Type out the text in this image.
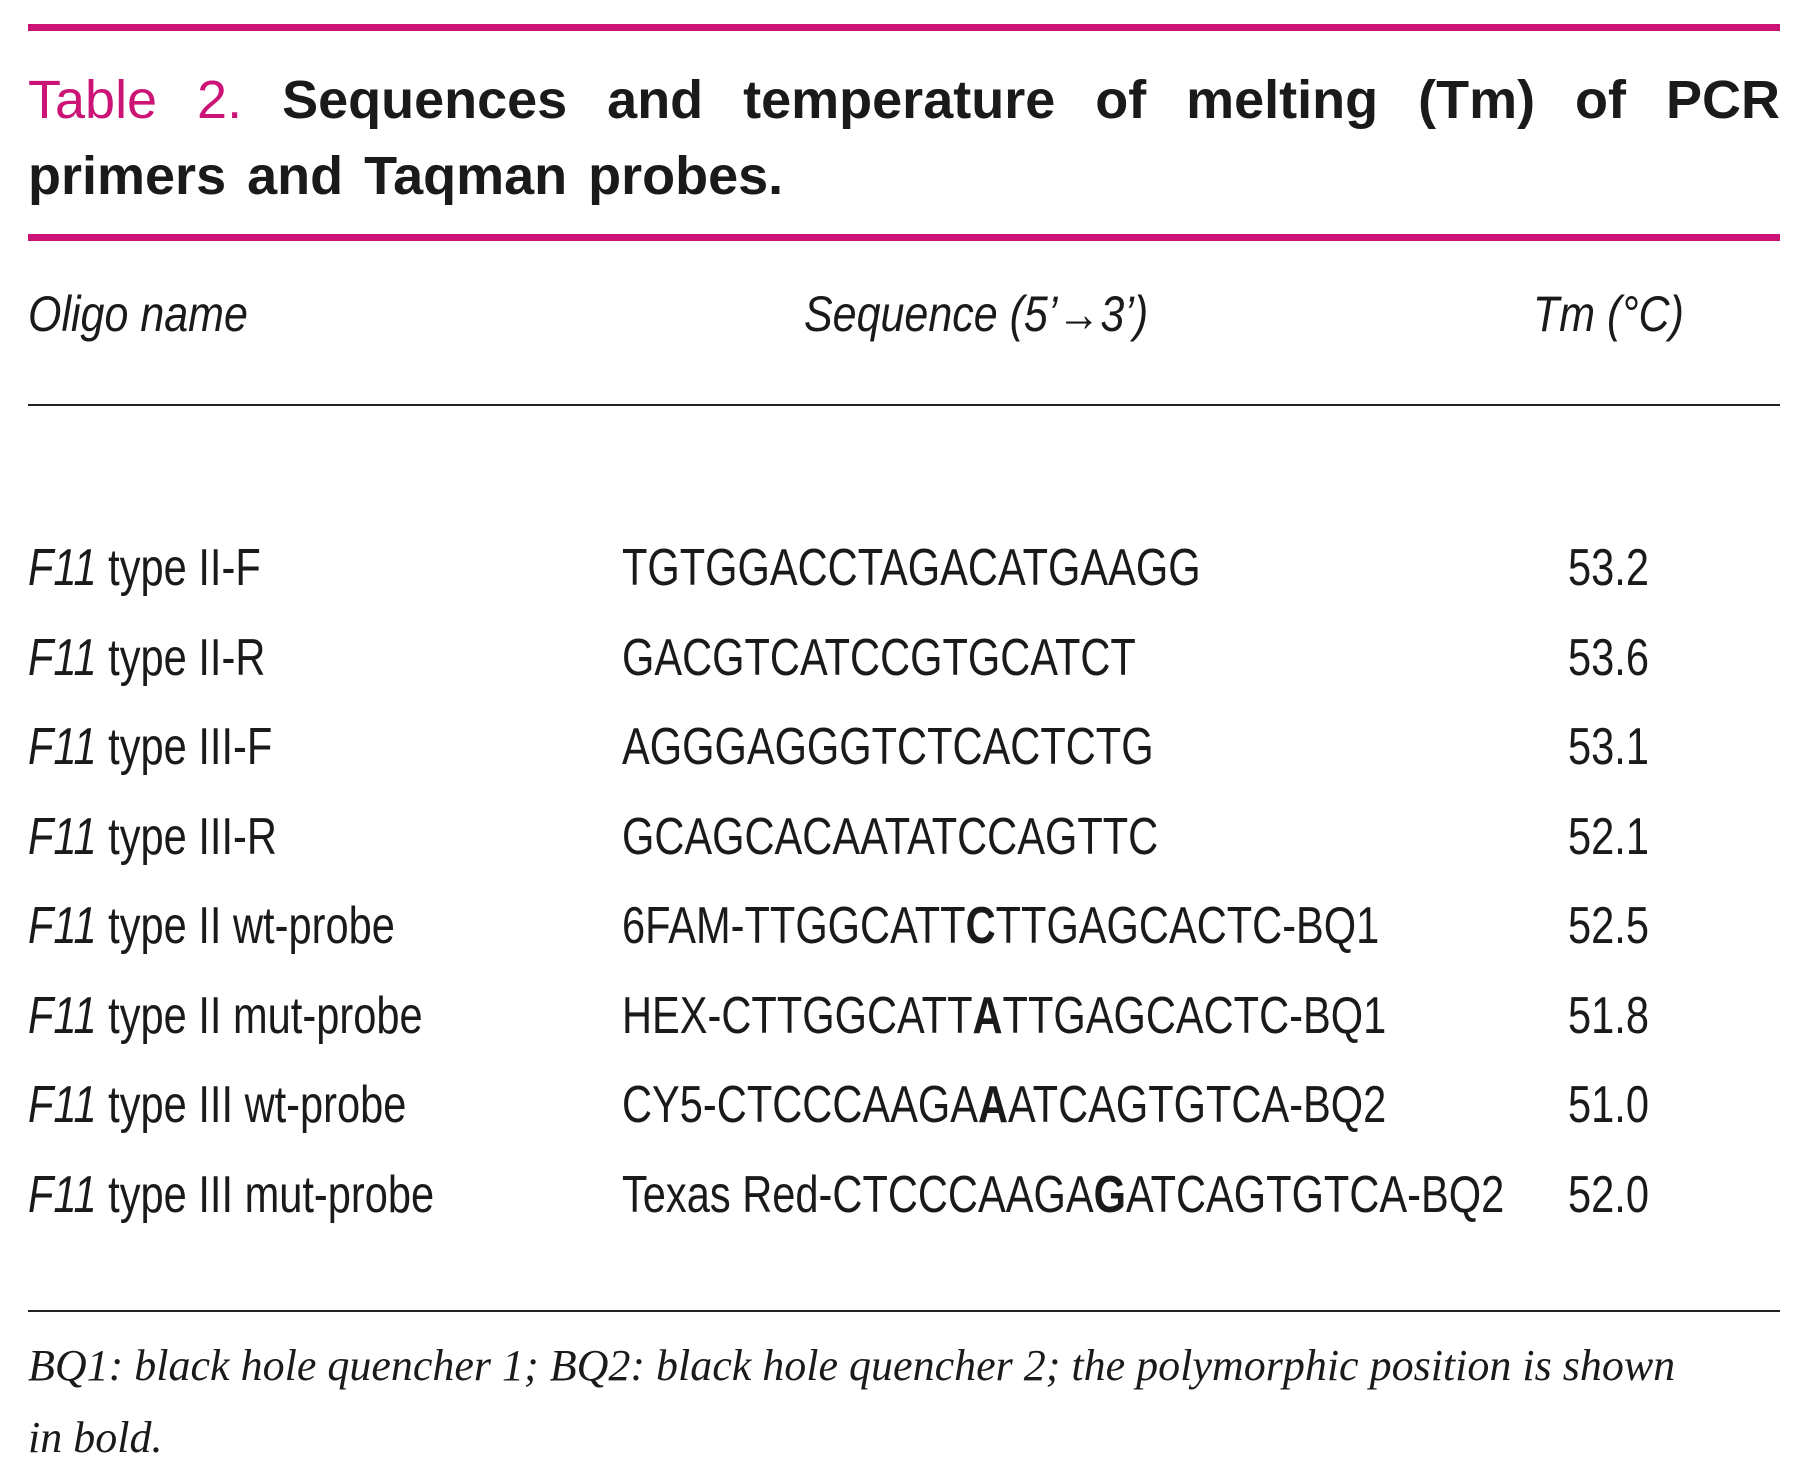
Table 2. Sequences and temperature of melting (Tm) of PCR primers and Taqman probes.

Oligo name	Sequence (5’→3’)	Tm (°C)
F11 type II-F	TGTGGACCTAGACATGAAGG	53.2
F11 type II-R	GACGTCATCCGTGCATCT	53.6
F11 type III-F	AGGGAGGGTCTCACTCTG	53.1
F11 type III-R	GCAGCACAATATCCAGTTC	52.1
F11 type II wt-probe	6FAM-TTGGCATTCTTGAGCACTC-BQ1	52.5
F11 type II mut-probe	HEX-CTTGGCATTATTGAGCACTC-BQ1	51.8
F11 type III wt-probe	CY5-CTCCCAAGAAATCAGTGTCA-BQ2	51.0
F11 type III mut-probe	Texas Red-CTCCCAAGAGATCAGTGTCA-BQ2 52.0

BQ1: black hole quencher 1; BQ2: black hole quencher 2; the polymorphic position is shown in bold.
